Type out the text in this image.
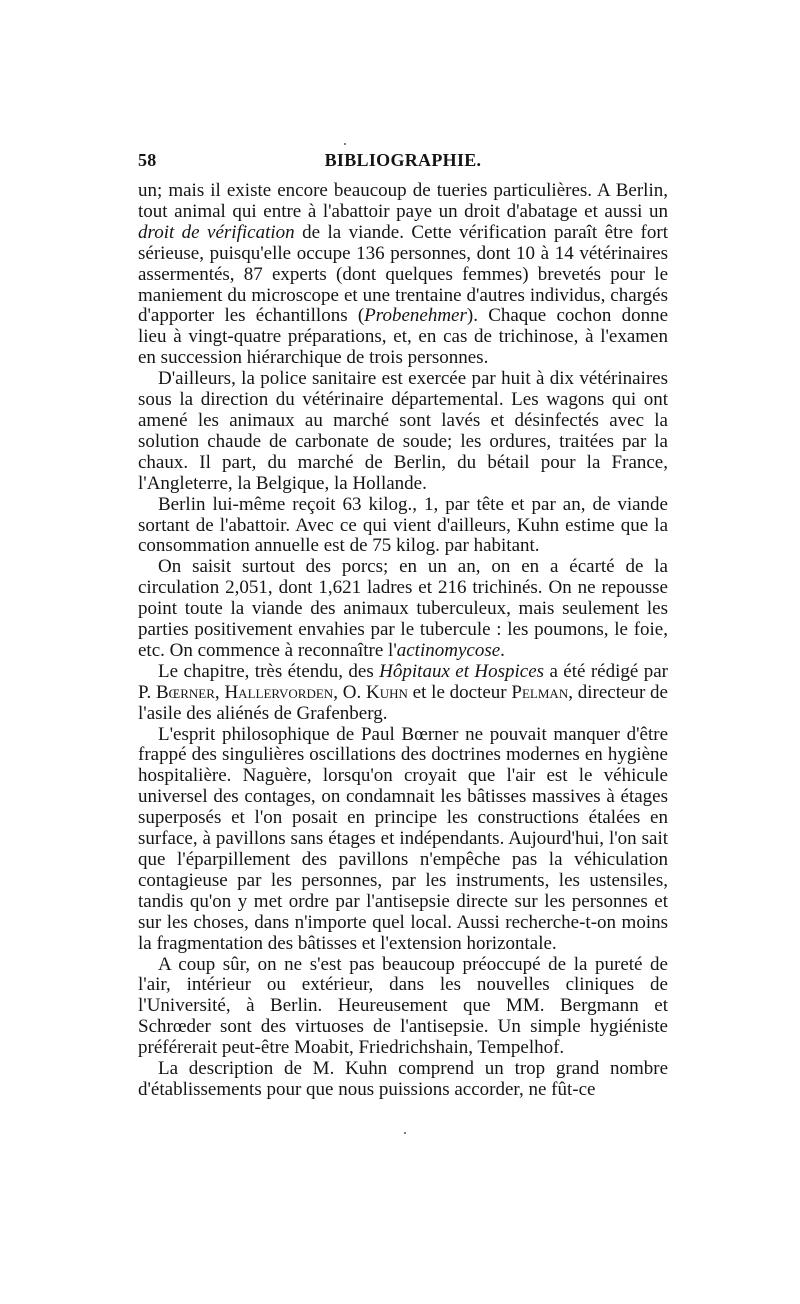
58	BIBLIOGRAPHIE.

un; mais il existe encore beaucoup de tueries particulières. A Berlin, tout animal qui entre à l'abattoir paye un droit d'abatage et aussi un droit de vérification de la viande. Cette vérification paraît être fort sérieuse, puisqu'elle occupe 136 personnes, dont 10 à 14 vétérinaires assermentés, 87 experts (dont quelques femmes) brevetés pour le maniement du microscope et une trentaine d'autres individus, chargés d'apporter les échantillons (Probenehmer). Chaque cochon donne lieu à vingt-quatre préparations, et, en cas de trichinose, à l'examen en succession hiérarchique de trois personnes.

D'ailleurs, la police sanitaire est exercée par huit à dix vétérinaires sous la direction du vétérinaire départemental. Les wagons qui ont amené les animaux au marché sont lavés et désinfectés avec la solution chaude de carbonate de soude; les ordures, traitées par la chaux. Il part, du marché de Berlin, du bétail pour la France, l'Angleterre, la Belgique, la Hollande.

Berlin lui-même reçoit 63 kilog., 1, par tête et par an, de viande sortant de l'abattoir. Avec ce qui vient d'ailleurs, Kuhn estime que la consommation annuelle est de 75 kilog. par habitant.

On saisit surtout des porcs; en un an, on en a écarté de la circulation 2,051, dont 1,621 ladres et 216 trichinés. On ne repousse point toute la viande des animaux tuberculeux, mais seulement les parties positivement envahies par le tubercule : les poumons, le foie, etc. On commence à reconnaître l'actinomycose.

Le chapitre, très étendu, des Hôpitaux et Hospices a été rédigé par P. Bœrner, Hallervorden, O. Kuhn et le docteur Pelman, directeur de l'asile des aliénés de Grafenberg.

L'esprit philosophique de Paul Bœrner ne pouvait manquer d'être frappé des singulières oscillations des doctrines modernes en hygiène hospitalière. Naguère, lorsqu'on croyait que l'air est le véhicule universel des contages, on condamnait les bâtisses massives à étages superposés et l'on posait en principe les constructions étalées en surface, à pavillons sans étages et indépendants. Aujourd'hui, l'on sait que l'éparpillement des pavillons n'empêche pas la véhiculation contagieuse par les personnes, par les instruments, les ustensiles, tandis qu'on y met ordre par l'antisepsie directe sur les personnes et sur les choses, dans n'importe quel local. Aussi recherche-t-on moins la fragmentation des bâtisses et l'extension horizontale.

A coup sûr, on ne s'est pas beaucoup préoccupé de la pureté de l'air, intérieur ou extérieur, dans les nouvelles cliniques de l'Université, à Berlin. Heureusement que MM. Bergmann et Schrœder sont des virtuoses de l'antisepsie. Un simple hygiéniste préférerait peut-être Moabit, Friedrichshain, Tempelhof.

La description de M. Kuhn comprend un trop grand nombre d'établissements pour que nous puissions accorder, ne fût-ce
